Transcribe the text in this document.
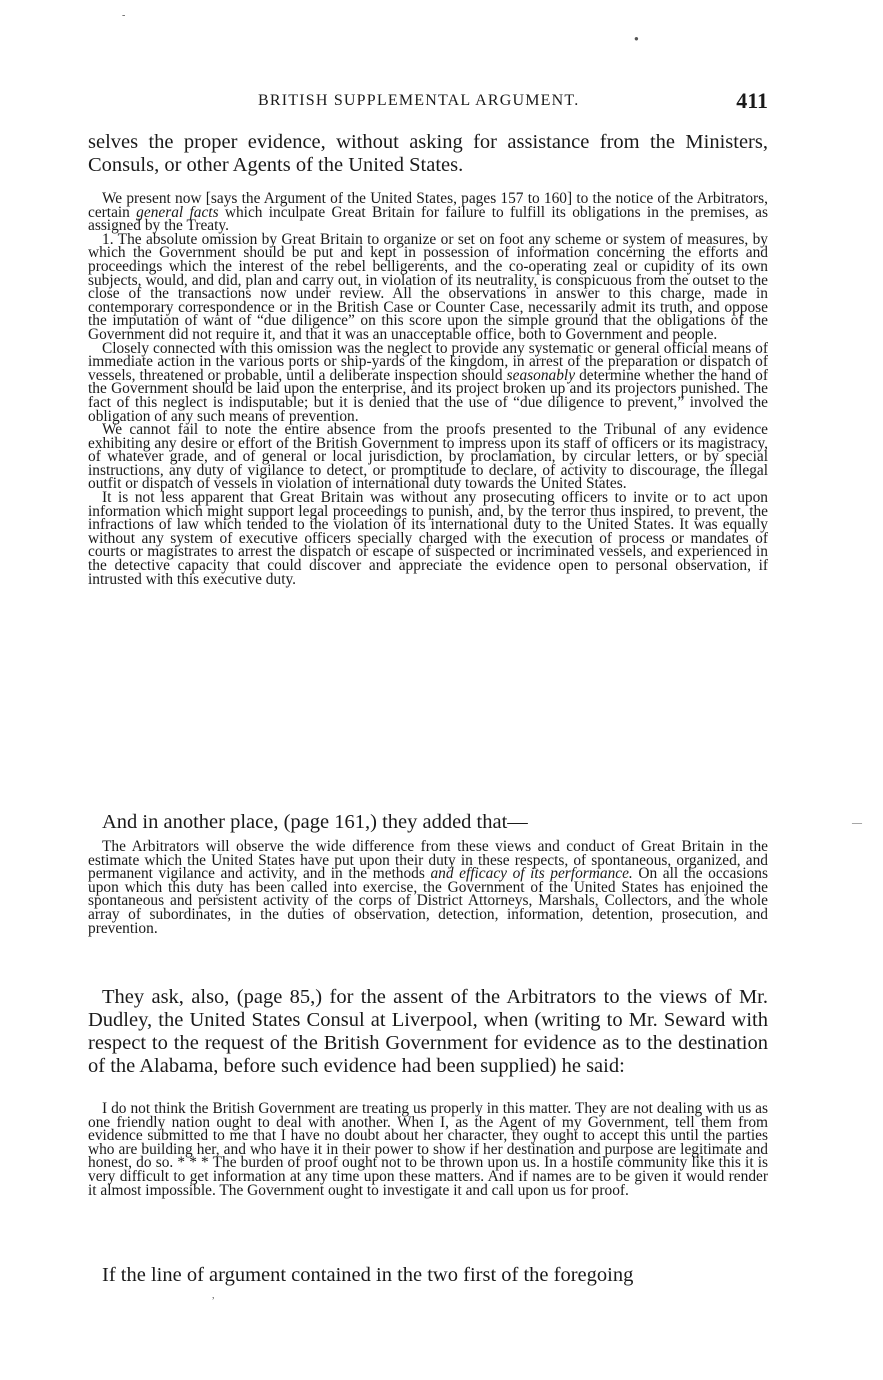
-
●
—
BRITISH SUPPLEMENTAL ARGUMENT.	411

selves the proper evidence, without asking for assistance from the Ministers, Consuls, or other Agents of the United States.

We present now [says the Argument of the United States, pages 157 to 160] to the notice of the Arbitrators, certain general facts which inculpate Great Britain for failure to fulfill its obligations in the premises, as assigned by the Treaty.

1. The absolute omission by Great Britain to organize or set on foot any scheme or system of measures, by which the Government should be put and kept in possession of information concerning the efforts and proceedings which the interest of the rebel belligerents, and the co-operating zeal or cupidity of its own subjects, would, and did, plan and carry out, in violation of its neutrality, is conspicuous from the outset to the close of the transactions now under review. All the observations in answer to this charge, made in contemporary correspondence or in the British Case or Counter Case, necessarily admit its truth, and oppose the imputation of want of “due diligence” on this score upon the simple ground that the obligations of the Government did not require it, and that it was an unacceptable office, both to Government and people.

Closely connected with this omission was the neglect to provide any systematic or general official means of immediate action in the various ports or ship-yards of the kingdom, in arrest of the preparation or dispatch of vessels, threatened or probable, until a deliberate inspection should seasonably determine whether the hand of the Government should be laid upon the enterprise, and its project broken up and its projectors punished. The fact of this neglect is indisputable; but it is denied that the use of “due diligence to prevent,” involved the obligation of any such means of prevention.

We cannot fail to note the entire absence from the proofs presented to the Tribunal of any evidence exhibiting any desire or effort of the British Government to impress upon its staff of officers or its magistracy, of whatever grade, and of general or local jurisdiction, by proclamation, by circular letters, or by special instructions, any duty of vigilance to detect, or promptitude to declare, of activity to discourage, the illegal outfit or dispatch of vessels in violation of international duty towards the United States.

It is not less apparent that Great Britain was without any prosecuting officers to invite or to act upon information which might support legal proceedings to punish, and, by the terror thus inspired, to prevent, the infractions of law which tended to the violation of its international duty to the United States. It was equally without any system of executive officers specially charged with the execution of process or mandates of courts or magistrates to arrest the dispatch or escape of suspected or incriminated vessels, and experienced in the detective capacity that could discover and appreciate the evidence open to personal observation, if intrusted with this executive duty.

And in another place, (page 161,) they added that—

The Arbitrators will observe the wide difference from these views and conduct of Great Britain in the estimate which the United States have put upon their duty in these respects, of spontaneous, organized, and permanent vigilance and activity, and in the methods and efficacy of its performance. On all the occasions upon which this duty has been called into exercise, the Government of the United States has enjoined the spontaneous and persistent activity of the corps of District Attorneys, Marshals, Collectors, and the whole array of subordinates, in the duties of observation, detection, information, detention, prosecution, and prevention.

They ask, also, (page 85,) for the assent of the Arbitrators to the views of Mr. Dudley, the United States Consul at Liverpool, when (writing to Mr. Seward with respect to the request of the British Government for evidence as to the destination of the Alabama, before such evidence had been supplied) he said:

I do not think the British Government are treating us properly in this matter. They are not dealing with us as one friendly nation ought to deal with another. When I, as the Agent of my Government, tell them from evidence submitted to me that I have no doubt about her character, they ought to accept this until the parties who are building her, and who have it in their power to show if her destination and purpose are legitimate and honest, do so. * * * The burden of proof ought not to be thrown upon us. In a hostile community like this it is very difficult to get information at any time upon these matters. And if names are to be given it would render it almost impossible. The Government ought to investigate it and call upon us for proof.

If the line of argument contained in the two first of the foregoing

,
